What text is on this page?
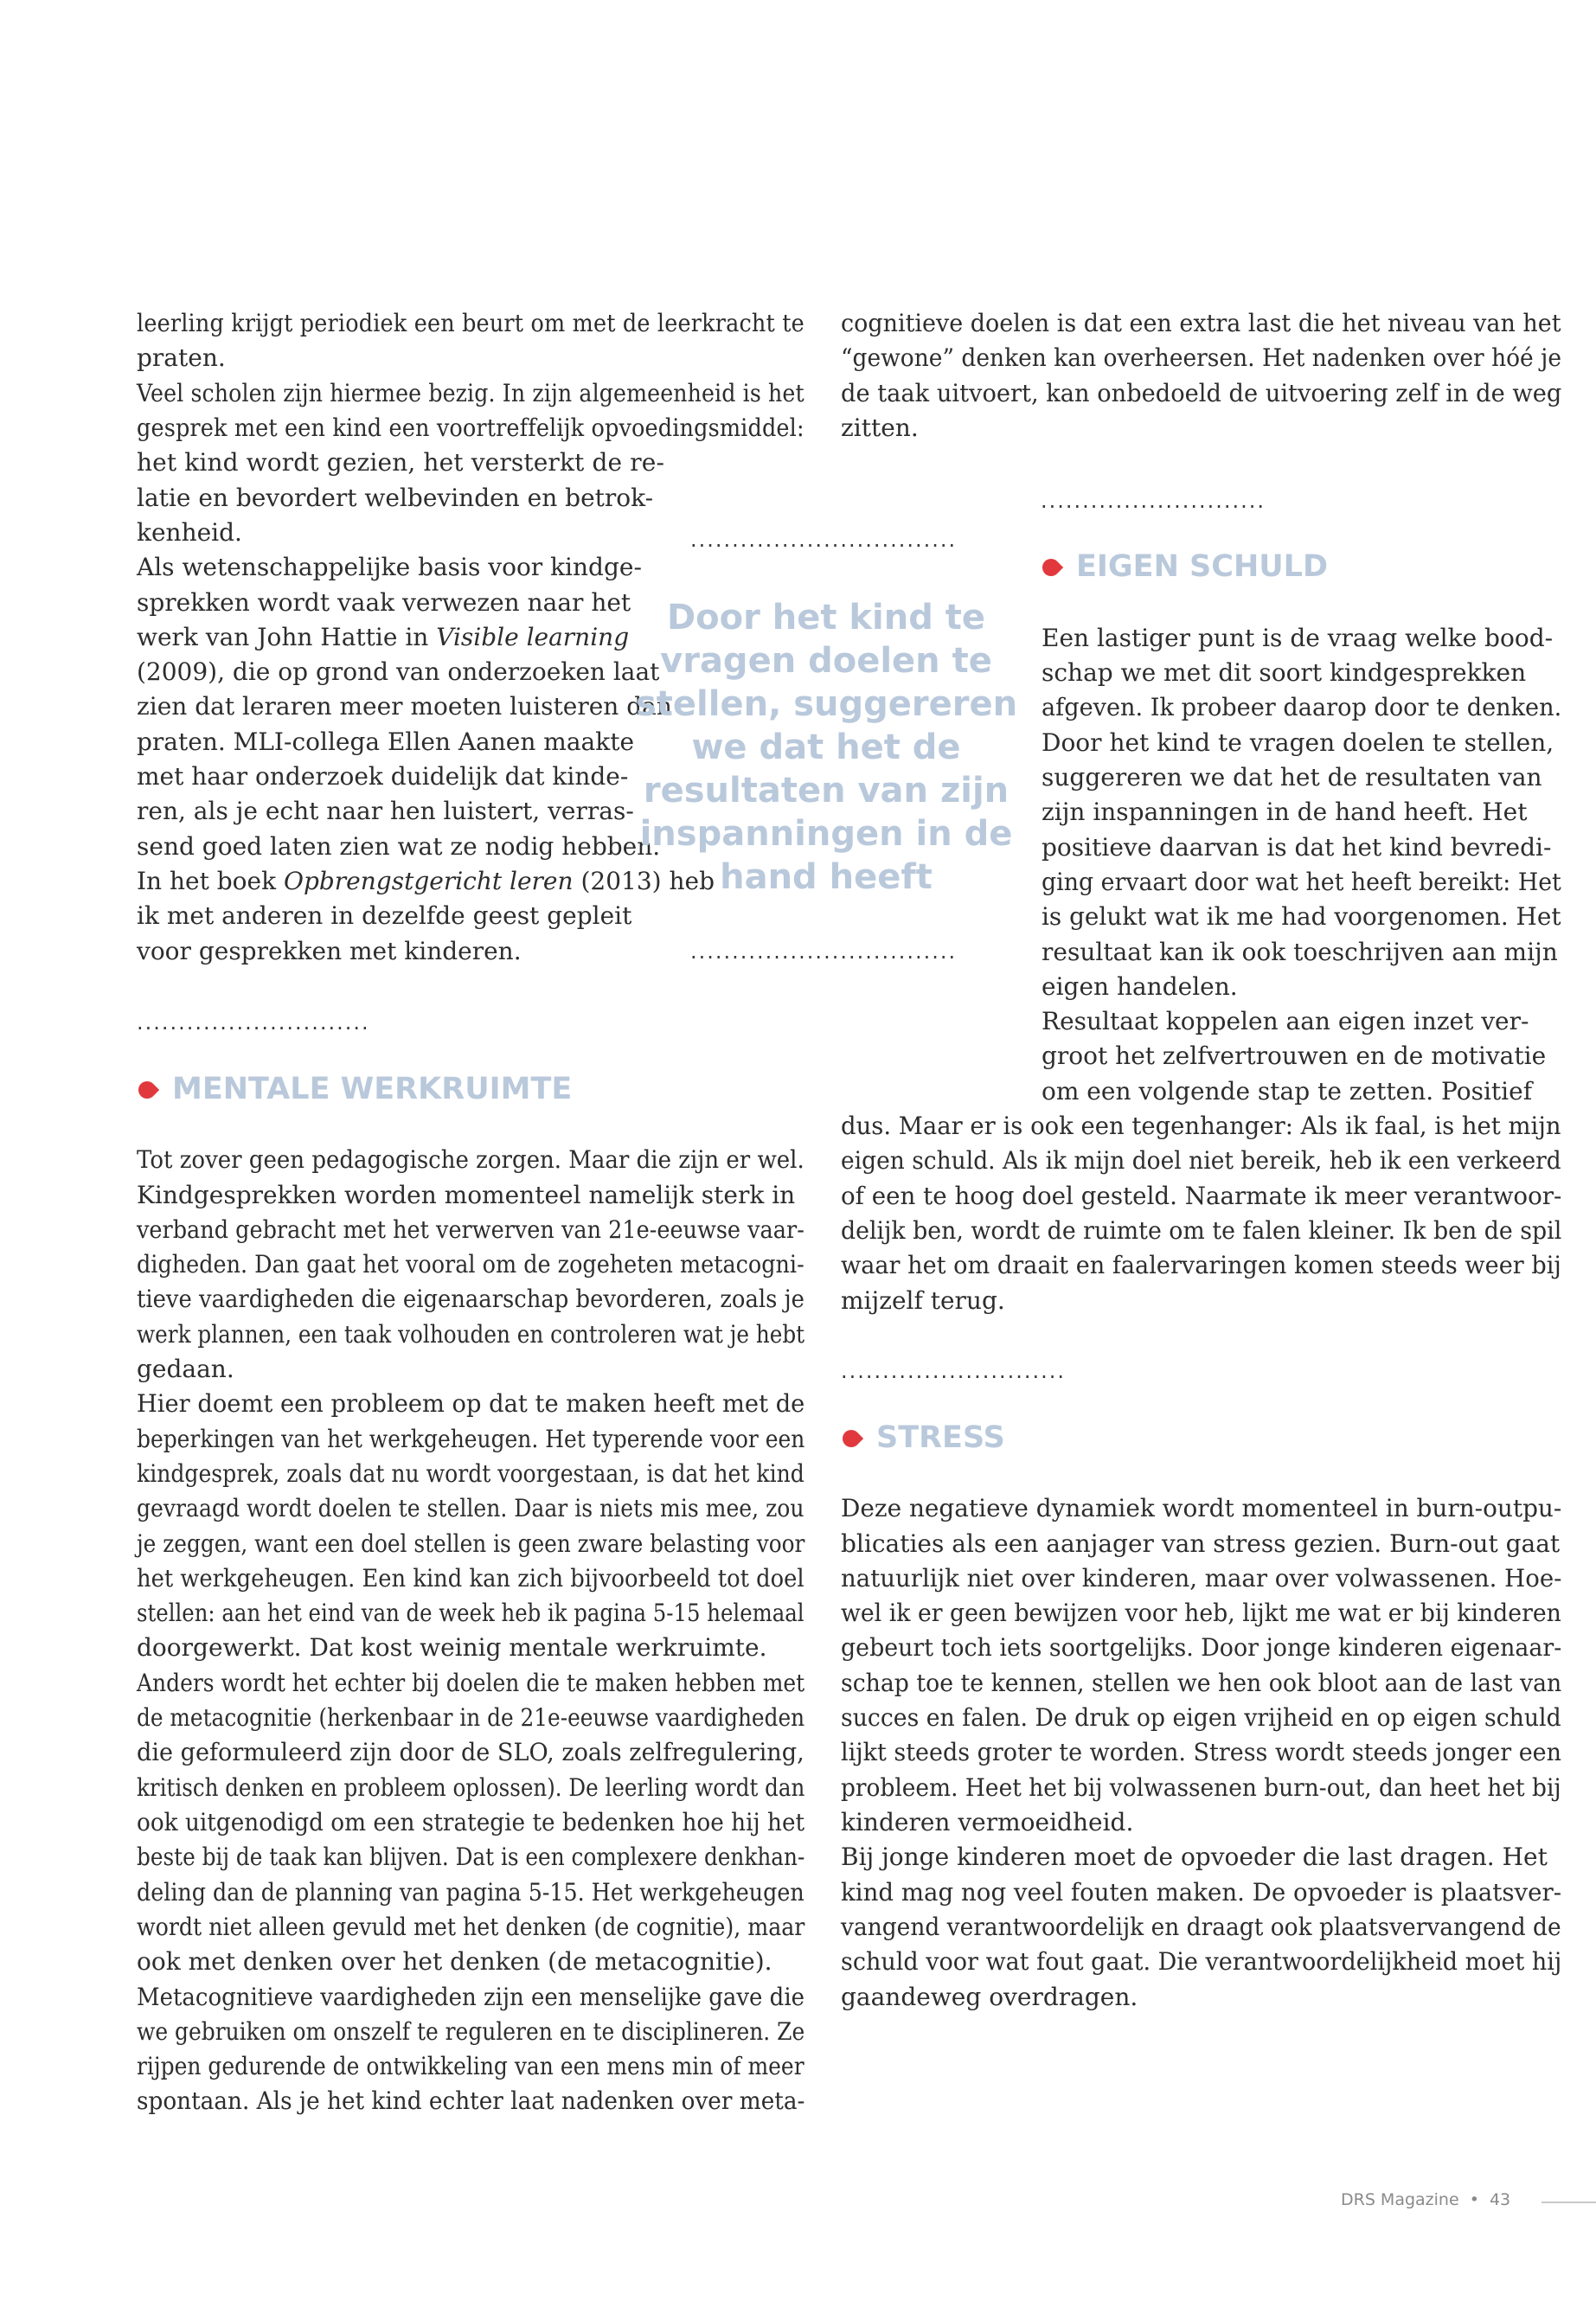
leerling krijgt periodiek een beurt om met de leerkracht te
praten.
Veel scholen zijn hiermee bezig. In zijn algemeenheid is het
gesprek met een kind een voortreffelijk opvoedingsmiddel:
het kind wordt gezien, het versterkt de re-
latie en bevordert welbevinden en betrok-
kenheid.
Als wetenschappelijke basis voor kindge-
sprekken wordt vaak verwezen naar het
werk van John Hattie in Visible learning
(2009), die op grond van onderzoeken laat
zien dat leraren meer moeten luisteren dan
praten. MLI-collega Ellen Aanen maakte
met haar onderzoek duidelijk dat kinde-
ren, als je echt naar hen luistert, verras-
send goed laten zien wat ze nodig hebben.
In het boek Opbrengstgericht leren (2013) heb
ik met anderen in dezelfde geest gepleit
voor gesprekken met kinderen.
............................
MENTALE WERKRUIMTE
Tot zover geen pedagogische zorgen. Maar die zijn er wel.
Kindgesprekken worden momenteel namelijk sterk in
verband gebracht met het verwerven van 21e-eeuwse vaar-
digheden. Dan gaat het vooral om de zogeheten metacogni-
tieve vaardigheden die eigenaarschap bevorderen, zoals je
werk plannen, een taak volhouden en controleren wat je hebt
gedaan.
Hier doemt een probleem op dat te maken heeft met de
beperkingen van het werkgeheugen. Het typerende voor een
kindgesprek, zoals dat nu wordt voorgestaan, is dat het kind
gevraagd wordt doelen te stellen. Daar is niets mis mee, zou
je zeggen, want een doel stellen is geen zware belasting voor
het werkgeheugen. Een kind kan zich bijvoorbeeld tot doel
stellen: aan het eind van de week heb ik pagina 5-15 helemaal
doorgewerkt. Dat kost weinig mentale werkruimte.
Anders wordt het echter bij doelen die te maken hebben met
de metacognitie (herkenbaar in de 21e-eeuwse vaardigheden
die geformuleerd zijn door de SLO, zoals zelfregulering,
kritisch denken en probleem oplossen). De leerling wordt dan
ook uitgenodigd om een strategie te bedenken hoe hij het
beste bij de taak kan blijven. Dat is een complexere denkhan-
deling dan de planning van pagina 5-15. Het werkgeheugen
wordt niet alleen gevuld met het denken (de cognitie), maar
ook met denken over het denken (de metacognitie).
Metacognitieve vaardigheden zijn een menselijke gave die
we gebruiken om onszelf te reguleren en te disciplineren. Ze
rijpen gedurende de ontwikkeling van een mens min of meer
spontaan. Als je het kind echter laat nadenken over meta-
................................
Door het kind te
vragen doelen te
stellen, suggereren
we dat het de
resultaten van zijn
inspanningen in de
hand heeft
................................
cognitieve doelen is dat een extra last die het niveau van het
“gewone” denken kan overheersen. Het nadenken over hóé je
de taak uitvoert, kan onbedoeld de uitvoering zelf in de weg
zitten.
...........................
EIGEN SCHULD
Een lastiger punt is de vraag welke bood-
schap we met dit soort kindgesprekken
afgeven. Ik probeer daarop door te denken.
Door het kind te vragen doelen te stellen,
suggereren we dat het de resultaten van
zijn inspanningen in de hand heeft. Het
positieve daarvan is dat het kind bevredi-
ging ervaart door wat het heeft bereikt: Het
is gelukt wat ik me had voorgenomen. Het
resultaat kan ik ook toeschrijven aan mijn
eigen handelen.
Resultaat koppelen aan eigen inzet ver-
groot het zelfvertrouwen en de motivatie
om een volgende stap te zetten. Positief
dus. Maar er is ook een tegenhanger: Als ik faal, is het mijn
eigen schuld. Als ik mijn doel niet bereik, heb ik een verkeerd
of een te hoog doel gesteld. Naarmate ik meer verantwoor-
delijk ben, wordt de ruimte om te falen kleiner. Ik ben de spil
waar het om draait en faalervaringen komen steeds weer bij
mijzelf terug.
...........................
STRESS
Deze negatieve dynamiek wordt momenteel in burn-outpu-
blicaties als een aanjager van stress gezien. Burn-out gaat
natuurlijk niet over kinderen, maar over volwassenen. Hoe-
wel ik er geen bewijzen voor heb, lijkt me wat er bij kinderen
gebeurt toch iets soortgelijks. Door jonge kinderen eigenaar-
schap toe te kennen, stellen we hen ook bloot aan de last van
succes en falen. De druk op eigen vrijheid en op eigen schuld
lijkt steeds groter te worden. Stress wordt steeds jonger een
probleem. Heet het bij volwassenen burn-out, dan heet het bij
kinderen vermoeidheid.
Bij jonge kinderen moet de opvoeder die last dragen. Het
kind mag nog veel fouten maken. De opvoeder is plaatsver-
vangend verantwoordelijk en draagt ook plaatsvervangend de
schuld voor wat fout gaat. Die verantwoordelijkheid moet hij
gaandeweg overdragen.
DRS Magazine • 43
